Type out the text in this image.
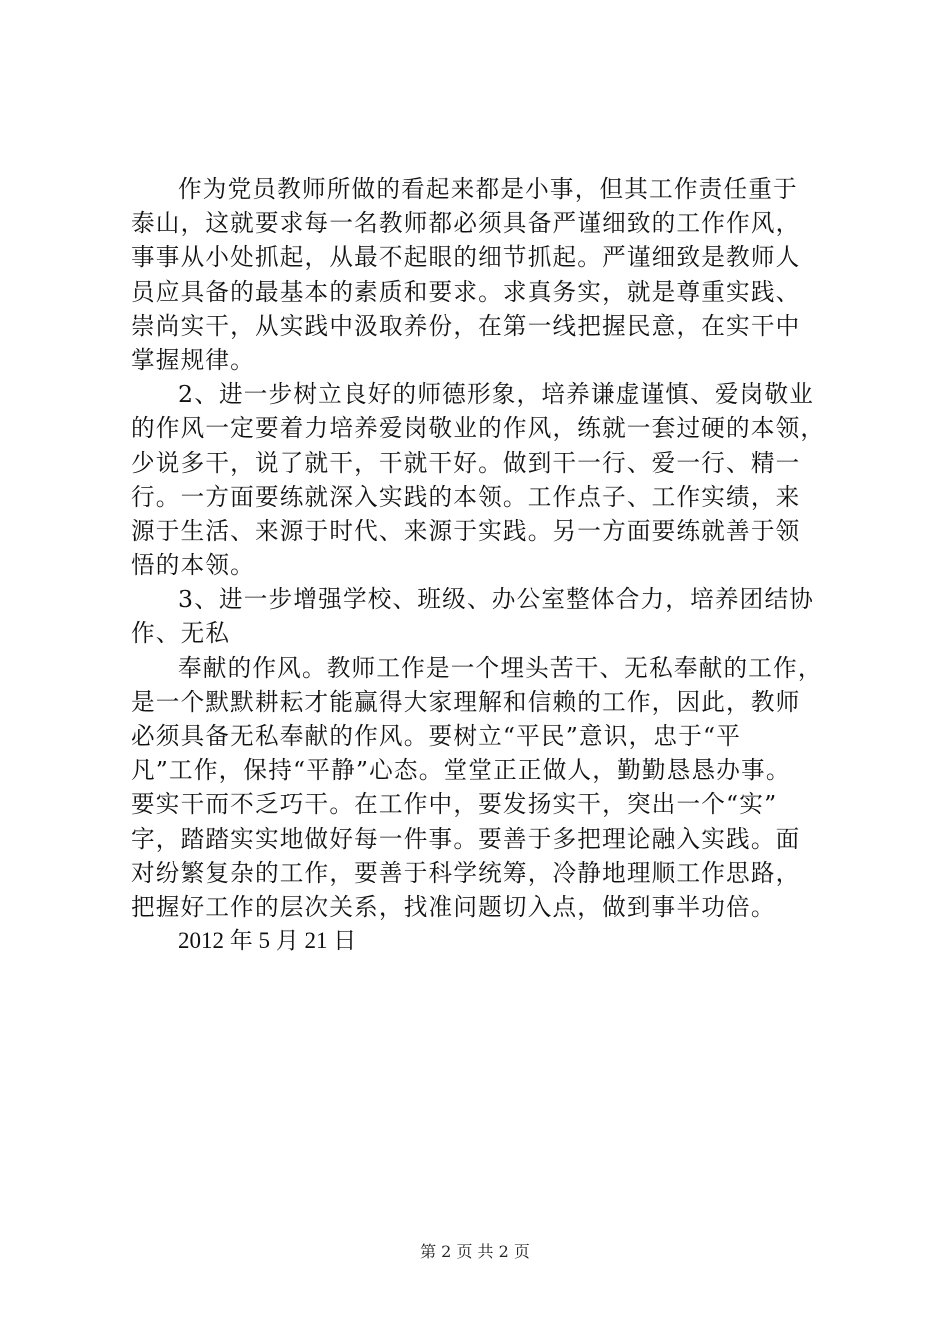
作为党员教师所做的看起来都是小事，但其工作责任重于
泰山，这就要求每一名教师都必须具备严谨细致的工作作风，
事事从小处抓起，从最不起眼的细节抓起。严谨细致是教师人
员应具备的最基本的素质和要求。求真务实，就是尊重实践、
崇尚实干，从实践中汲取养份，在第一线把握民意，在实干中
掌握规律。
2、进一步树立良好的师德形象，培养谦虚谨慎、爱岗敬业
的作风一定要着力培养爱岗敬业的作风，练就一套过硬的本领，
少说多干，说了就干，干就干好。做到干一行、爱一行、精一
行。一方面要练就深入实践的本领。工作点子、工作实绩，来
源于生活、来源于时代、来源于实践。另一方面要练就善于领
悟的本领。
3、进一步增强学校、班级、办公室整体合力，培养团结协
作、无私
奉献的作风。教师工作是一个埋头苦干、无私奉献的工作，
是一个默默耕耘才能赢得大家理解和信赖的工作，因此，教师
必须具备无私奉献的作风。要树立“平民”意识，忠于“平
凡”工作，保持“平静”心态。堂堂正正做人，勤勤恳恳办事。
要实干而不乏巧干。在工作中，要发扬实干，突出一个“实”
字，踏踏实实地做好每一件事。要善于多把理论融入实践。面
对纷繁复杂的工作，要善于科学统筹，冷静地理顺工作思路，
把握好工作的层次关系，找准问题切入点，做到事半功倍。
2012 年 5 月 21 日
第 2 页 共 2 页
